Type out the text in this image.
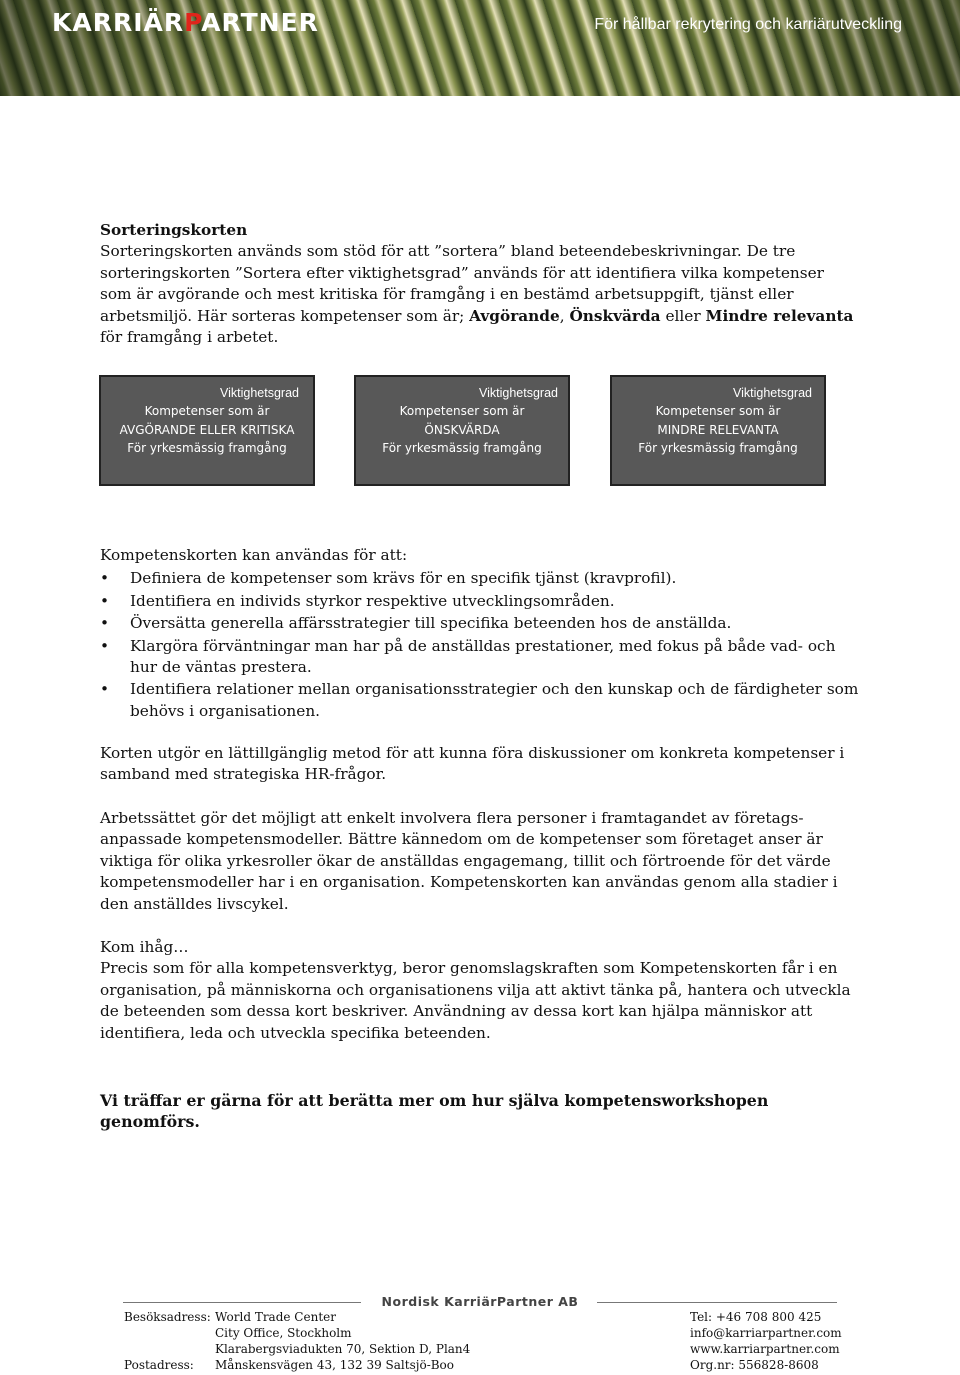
KARRIÄRPARTNER	För hållbar rekrytering och karriärutveckling
Sorteringskorten
Sorteringskorten används som stöd för att ”sortera” bland beteendebeskrivningar. De tre sorteringskorten ”Sortera efter viktighetsgrad” används för att identifiera vilka kompetenser som är avgörande och mest kritiska för framgång i en bestämd arbetsuppgift, tjänst eller arbetsmiljö. Här sorteras kompetenser som är; Avgörande, Önskvärda eller Mindre relevanta för framgång i arbetet.
Viktighetsgrad
Kompetenser som är
AVGÖRANDE ELLER KRITISKA
För yrkesmässig framgång
Viktighetsgrad
Kompetenser som är
ÖNSKVÄRDA
För yrkesmässig framgång
Viktighetsgrad
Kompetenser som är
MINDRE RELEVANTA
För yrkesmässig framgång
Kompetenskorten kan användas för att:
• Definiera de kompetenser som krävs för en specifik tjänst (kravprofil).
• Identifiera en individs styrkor respektive utvecklingsområden.
• Översätta generella affärsstrategier till specifika beteenden hos de anställda.
• Klargöra förväntningar man har på de anställdas prestationer, med fokus på både vad- och hur de väntas prestera.
• Identifiera relationer mellan organisationsstrategier och den kunskap och de färdigheter som behövs i organisationen.
Korten utgör en lättillgänglig metod för att kunna föra diskussioner om konkreta kompetenser i samband med strategiska HR-frågor.
Arbetssättet gör det möjligt att enkelt involvera flera personer i framtagandet av företags-anpassade kompetensmodeller. Bättre kännedom om de kompetenser som företaget anser är viktiga för olika yrkesroller ökar de anställdas engagemang, tillit och förtroende för det värde kompetensmodeller har i en organisation. Kompetenskorten kan användas genom alla stadier i den anställdes livscykel.
Kom ihåg…
Precis som för alla kompetensverktyg, beror genomslagskraften som Kompetenskorten får i en organisation, på människorna och organisationens vilja att aktivt tänka på, hantera och utveckla de beteenden som dessa kort beskriver. Användning av dessa kort kan hjälpa människor att identifiera, leda och utveckla specifika beteenden.
Vi träffar er gärna för att berätta mer om hur själva kompetensworkshopen genomförs.
Nordisk KarriärPartner AB
Besöksadress:

Postadress:
World Trade Center
City Office, Stockholm
Klarabergsviadukten 70, Sektion D, Plan4
Månskensvägen 43, 132 39 Saltsjö-Boo
Tel: +46 708 800 425
info@karriarpartner.com
www.karriarpartner.com
Org.nr: 556828-8608
